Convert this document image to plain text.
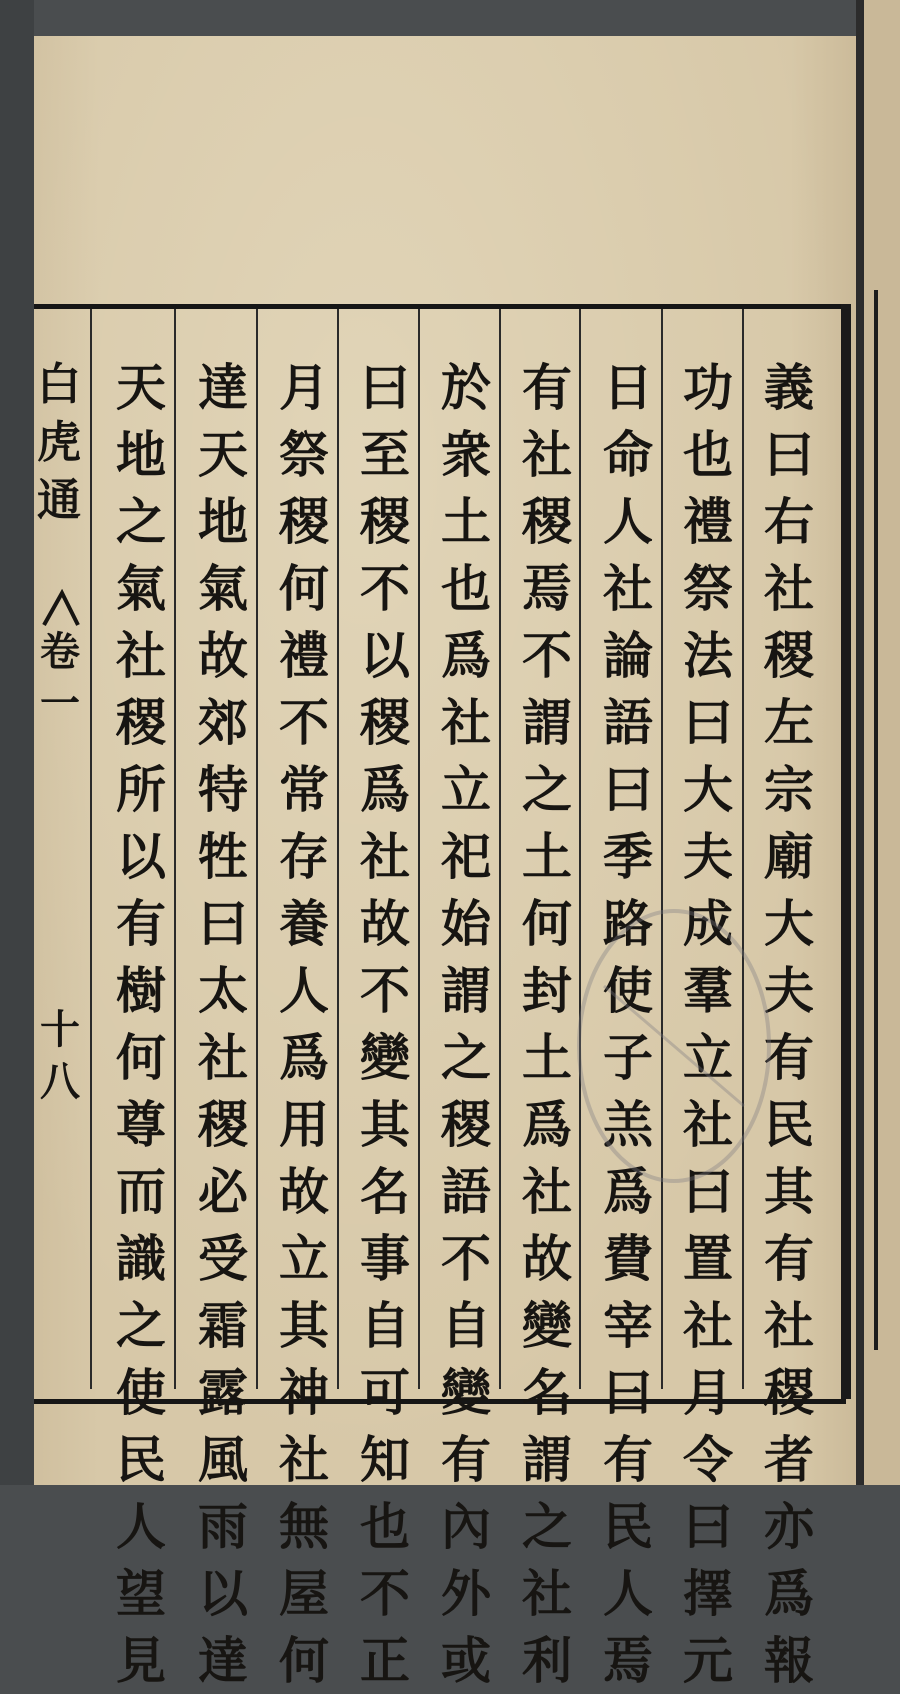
白虎通
卷一
十八
義曰右社稷左宗廟大夫有民其有社稷者亦爲報
功也禮祭法曰大夫成羣立社曰置社月令曰擇元
日命人社論語曰季路使子羔爲費宰曰有民人焉
有社稷焉不謂之土何封土爲社故變名謂之社利
於衆土也爲社立祀始謂之稷語不自變有內外或
曰至稷不以稷爲社故不變其名事自可知也不正
月祭稷何禮不常存養人爲用故立其神社無屋何
達天地氣故郊特牲曰太社稷必受霜露風雨以達
天地之氣社稷所以有樹何尊而識之使民人望見
